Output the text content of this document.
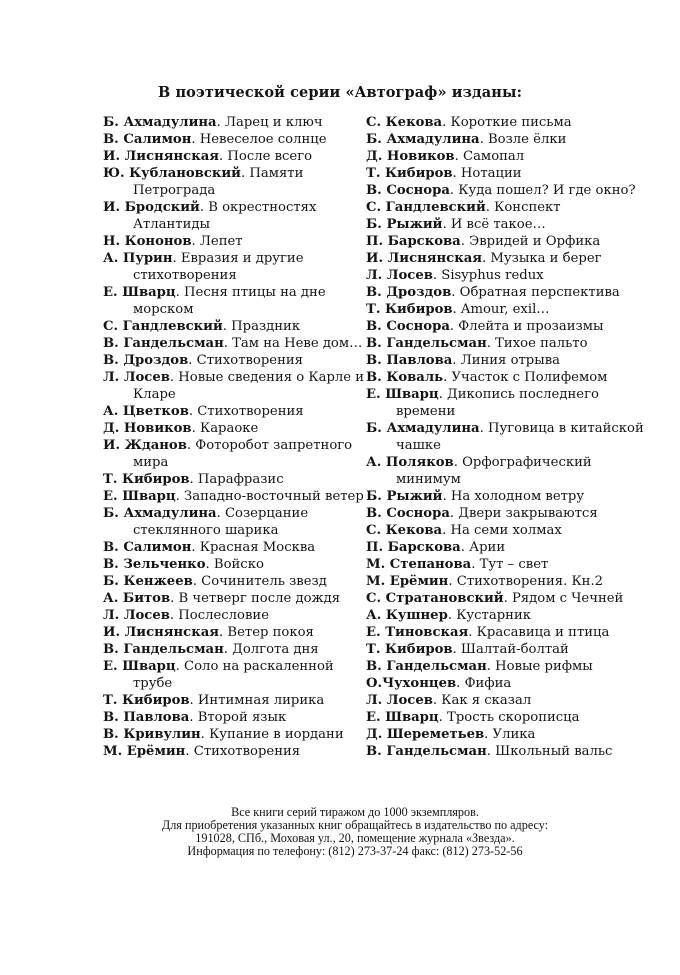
В поэтической серии «Автограф» изданы:
Б. Ахмадулина. Ларец и ключ
В. Салимон. Невеселое солнце
И. Лиснянская. После всего
Ю. Кублановский. Памяти Петрограда
И. Бродский. В окрестностях Атлантиды
Н. Кононов. Лепет
А. Пурин. Евразия и другие стихотворения
Е. Шварц. Песня птицы на дне морском
С. Гандлевский. Праздник
В. Гандельсман. Там на Неве дом…
В. Дроздов. Стихотворения
Л. Лосев. Новые сведения о Карле и Кларе
А. Цветков. Стихотворения
Д. Новиков. Караоке
И. Жданов. Фоторобот запретного мира
Т. Кибиров. Парафразис
Е. Шварц. Западно-восточный ветер
Б. Ахмадулина. Созерцание стеклянного шарика
В. Салимон. Красная Москва
В. Зельченко. Войско
Б. Кенжеев. Сочинитель звезд
А. Битов. В четверг после дождя
Л. Лосев. Послесловие
И. Лиснянская. Ветер покоя
В. Гандельсман. Долгота дня
Е. Шварц. Соло на раскаленной трубе
Т. Кибиров. Интимная лирика
В. Павлова. Второй язык
В. Кривулин. Купание в иордани
М. Ерёмин. Стихотворения
С. Кекова. Короткие письма
Б. Ахмадулина. Возле ёлки
Д. Новиков. Самопал
Т. Кибиров. Нотации
В. Соснора. Куда пошел? И где окно?
С. Гандлевский. Конспект
Б. Рыжий. И всё такое…
П. Барскова. Эвридей и Орфика
И. Лиснянская. Музыка и берег
Л. Лосев. Sisyphus redux
В. Дроздов. Обратная перспектива
Т. Кибиров. Amour, exil…
В. Соснора. Флейта и прозаизмы
В. Гандельсман. Тихое пальто
В. Павлова. Линия отрыва
В. Коваль. Участок с Полифемом
Е. Шварц. Дикопись последнего времени
Б. Ахмадулина. Пуговица в китайской чашке
А. Поляков. Орфографический минимум
Б. Рыжий. На холодном ветру
В. Соснора. Двери закрываются
С. Кекова. На семи холмах
П. Барскова. Арии
М. Степанова. Тут – свет
М. Ерёмин. Стихотворения. Кн.2
С. Стратановский. Рядом с Чечней
А. Кушнер. Кустарник
Е. Тиновская. Красавица и птица
Т. Кибиров. Шалтай-болтай
В. Гандельсман. Новые рифмы
О.Чухонцев. Фифиа
Л. Лосев. Как я сказал
Е. Шварц. Трость скорописца
Д. Шереметьев. Улика
В. Гандельсман. Школьный вальс
Все книги серий тиражом до 1000 экземпляров.
Для приобретения указанных книг обращайтесь в издательство по адресу:
191028, СПб., Моховая ул., 20, помещение журнала «Звезда».
Информация по телефону: (812) 273-37-24 факс: (812) 273-52-56
